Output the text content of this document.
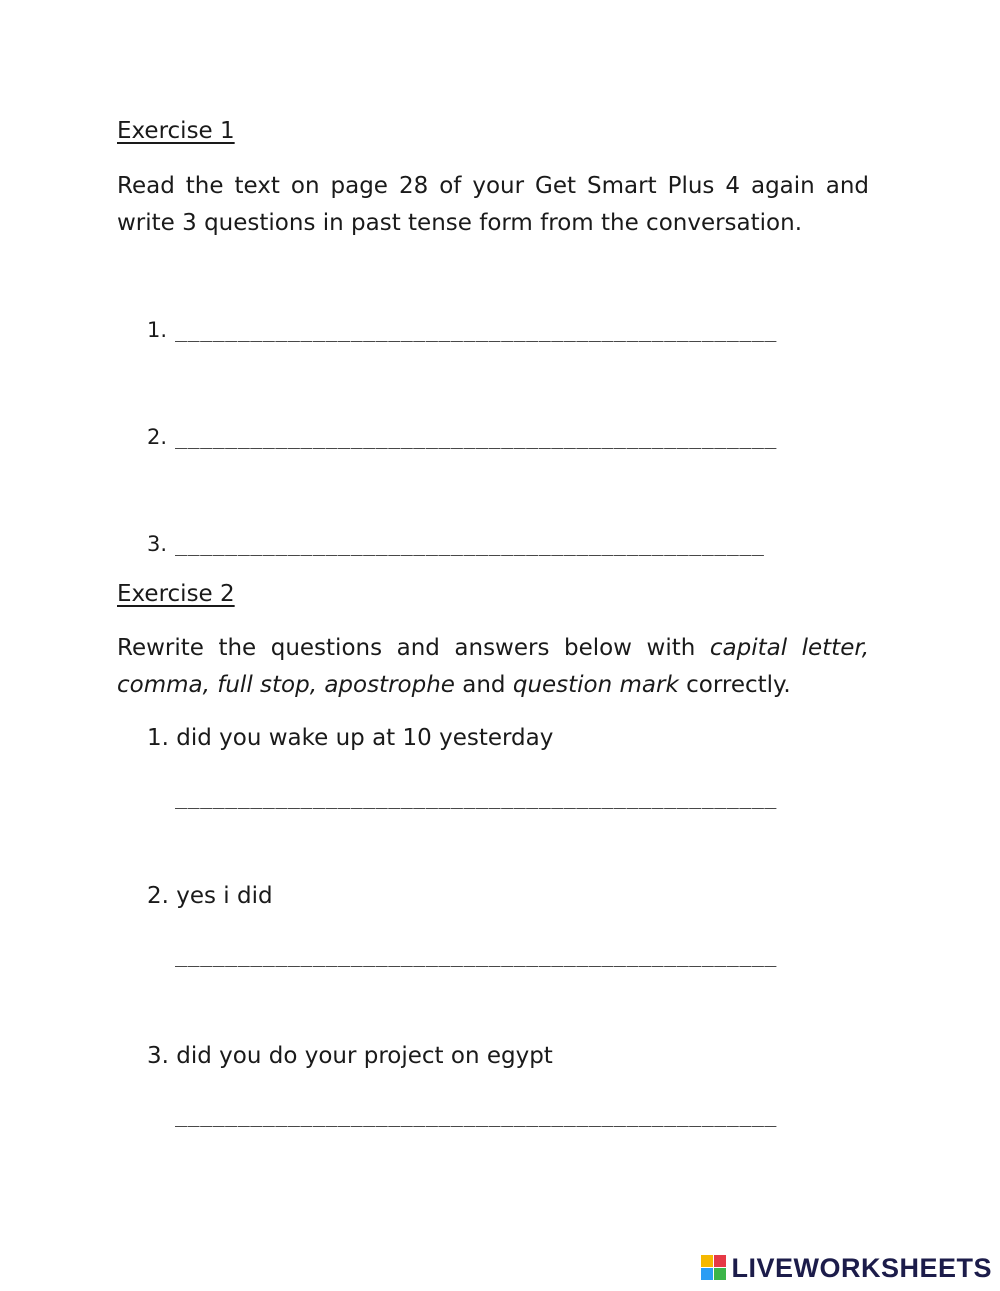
Exercise 1
Read the text on page 28 of your Get Smart Plus 4 again and write 3 questions in past tense form from the conversation.
1. ________________________________________________
2. ________________________________________________
3. _______________________________________________
Exercise 2
Rewrite the questions and answers below with capital letter, comma, full stop, apostrophe and question mark correctly.
1. did you wake up at 10 yesterday
________________________________________________
2. yes i did
________________________________________________
3. did you do your project on egypt
________________________________________________
LIVEWORKSHEETS
